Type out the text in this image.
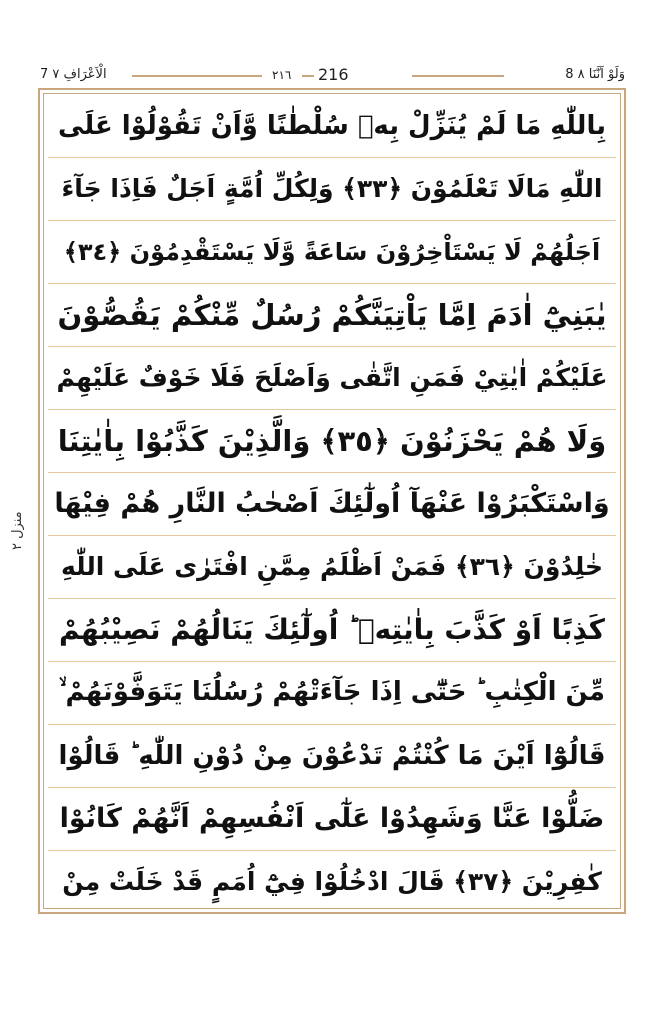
8 وَلَوْ اَنَّنَا ٨
٢١٦ 216
7 الْاَعْرَافِ ٧
منزل ٢
بِاللّٰهِ مَا لَمْ يُنَزِّلْ بِهٖ سُلْطٰنًا وَّاَنْ تَقُوْلُوْا عَلَى
اللّٰهِ مَالَا تَعْلَمُوْنَ ﴿٣٣﴾ وَلِكُلِّ اُمَّةٍ اَجَلٌ فَاِذَا جَآءَ
اَجَلُهُمْ لَا يَسْتَاْخِرُوْنَ سَاعَةً وَّلَا يَسْتَقْدِمُوْنَ ﴿٣٤﴾
يٰبَنِيْٓ اٰدَمَ اِمَّا يَاْتِيَنَّكُمْ رُسُلٌ مِّنْكُمْ يَقُصُّوْنَ
عَلَيْكُمْ اٰيٰتِيْ فَمَنِ اتَّقٰى وَاَصْلَحَ فَلَا خَوْفٌ عَلَيْهِمْ
وَلَا هُمْ يَحْزَنُوْنَ ﴿٣٥﴾ وَالَّذِيْنَ كَذَّبُوْا بِاٰيٰتِنَا
وَاسْتَكْبَرُوْا عَنْهَآ اُولٰٓئِكَ اَصْحٰبُ النَّارِ هُمْ فِيْهَا
خٰلِدُوْنَ ﴿٣٦﴾ فَمَنْ اَظْلَمُ مِمَّنِ افْتَرٰى عَلَى اللّٰهِ
كَذِبًا اَوْ كَذَّبَ بِاٰيٰتِهٖ ؕ اُولٰٓئِكَ يَنَالُهُمْ نَصِيْبُهُمْ
مِّنَ الْكِتٰبِ ؕ حَتّٰٓى اِذَا جَآءَتْهُمْ رُسُلُنَا يَتَوَفَّوْنَهُمْ ۙ
قَالُوْٓا اَيْنَ مَا كُنْتُمْ تَدْعُوْنَ مِنْ دُوْنِ اللّٰهِ ؕ قَالُوْا
ضَلُّوْا عَنَّا وَشَهِدُوْا عَلٰٓى اَنْفُسِهِمْ اَنَّهُمْ كَانُوْا
كٰفِرِيْنَ ﴿٣٧﴾ قَالَ ادْخُلُوْا فِيْٓ اُمَمٍ قَدْ خَلَتْ مِنْ
